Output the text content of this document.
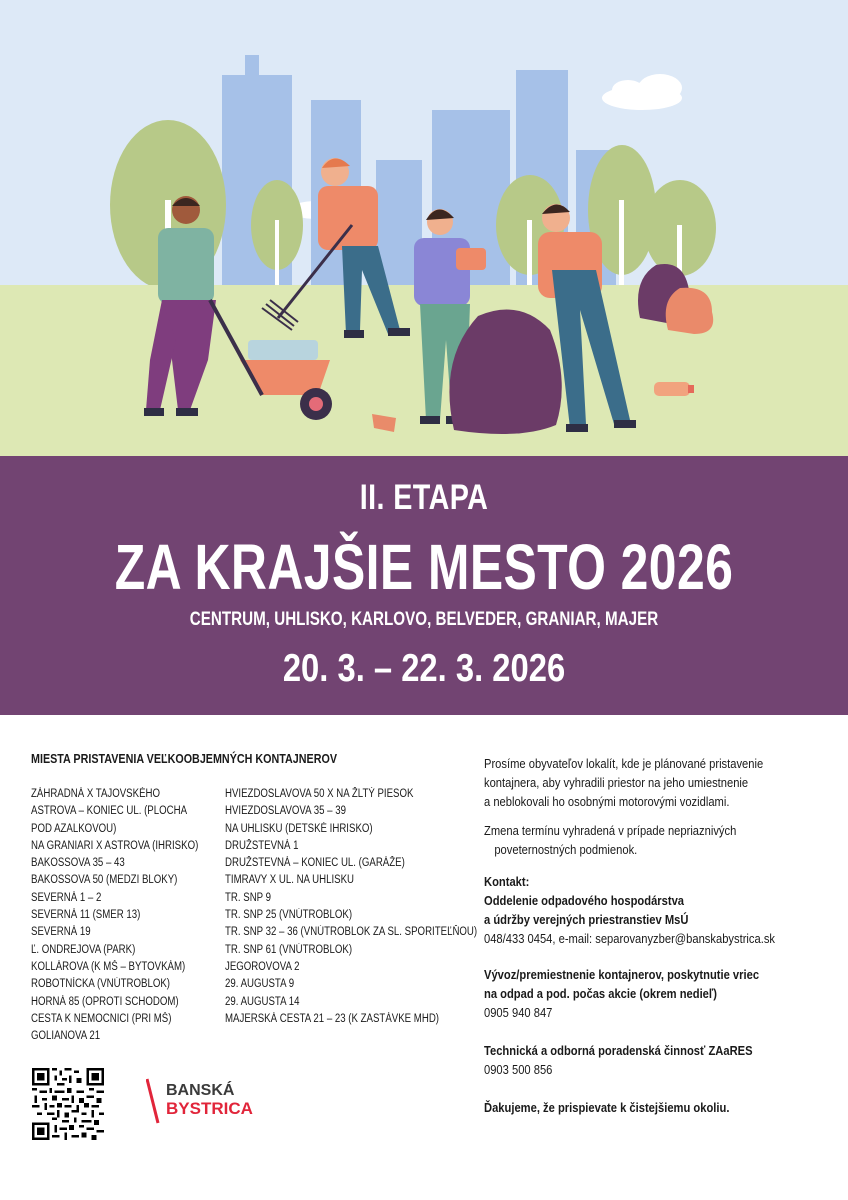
II. ETAPA
ZA KRAJŠIE MESTO 2026
CENTRUM, UHLISKO, KARLOVO, BELVEDER, GRANIAR, MAJER
20. 3. – 22. 3. 2026
MIESTA PRISTAVENIA VEĽKOOBJEMNÝCH KONTAJNEROV
ZÁHRADNÁ X TAJOVSKÉHO
ASTROVA – KONIEC UL. (PLOCHA
POD AZALKOVOU)
NA GRANIARI X ASTROVA (IHRISKO)
BAKOSSOVA 35 – 43
BAKOSSOVA 50 (MEDZI BLOKY)
SEVERNÁ 1 – 2
SEVERNÁ 11 (SMER 13)
SEVERNÁ 19
Ľ. ONDREJOVA (PARK)
KOLLÁROVA (K MŠ – BYTOVKÁM)
ROBOTNÍCKA (VNÚTROBLOK)
HORNÁ 85 (OPROTI SCHODOM)
CESTA K NEMOCNICI (PRI MŠ)
GOLIANOVA 21
HVIEZDOSLAVOVA 50 X NA ŽLTÝ PIESOK
HVIEZDOSLAVOVA 35 – 39
NA UHLISKU (DETSKÉ IHRISKO)
DRUŽSTEVNÁ 1
DRUŽSTEVNÁ – KONIEC UL. (GARÁŽE)
TIMRAVY X UL. NA UHLISKU
TR. SNP 9
TR. SNP 25 (VNÚTROBLOK)
TR. SNP 32 – 36 (VNÚTROBLOK ZA SL. SPORITEĽŇOU)
TR. SNP 61 (VNÚTROBLOK)
JEGOROVOVA 2
29. AUGUSTA 9
29. AUGUSTA 14
MAJERSKÁ CESTA 21 – 23 (K ZASTÁVKE MHD)
Prosíme obyvateľov lokalít, kde je plánované pristavenie
kontajnera, aby vyhradili priestor na jeho umiestnenie
a neblokovali ho osobnými motorovými vozidlami.
Zmena termínu vyhradená v prípade nepriaznivých
poveternostných podmienok.
Kontakt:
Oddelenie odpadového hospodárstva
a údržby verejných priestranstiev MsÚ
048/433 0454, e-mail: separovanyzber@banskabystrica.sk
Vývoz/premiestnenie kontajnerov, poskytnutie vriec
na odpad a pod. počas akcie (okrem nedieľ)
0905 940 847
Technická a odborná poradenská činnosť ZAaRES
0903 500 856
Ďakujeme, že prispievate k čistejšiemu okoliu.
BANSKÁ
BYSTRICA
